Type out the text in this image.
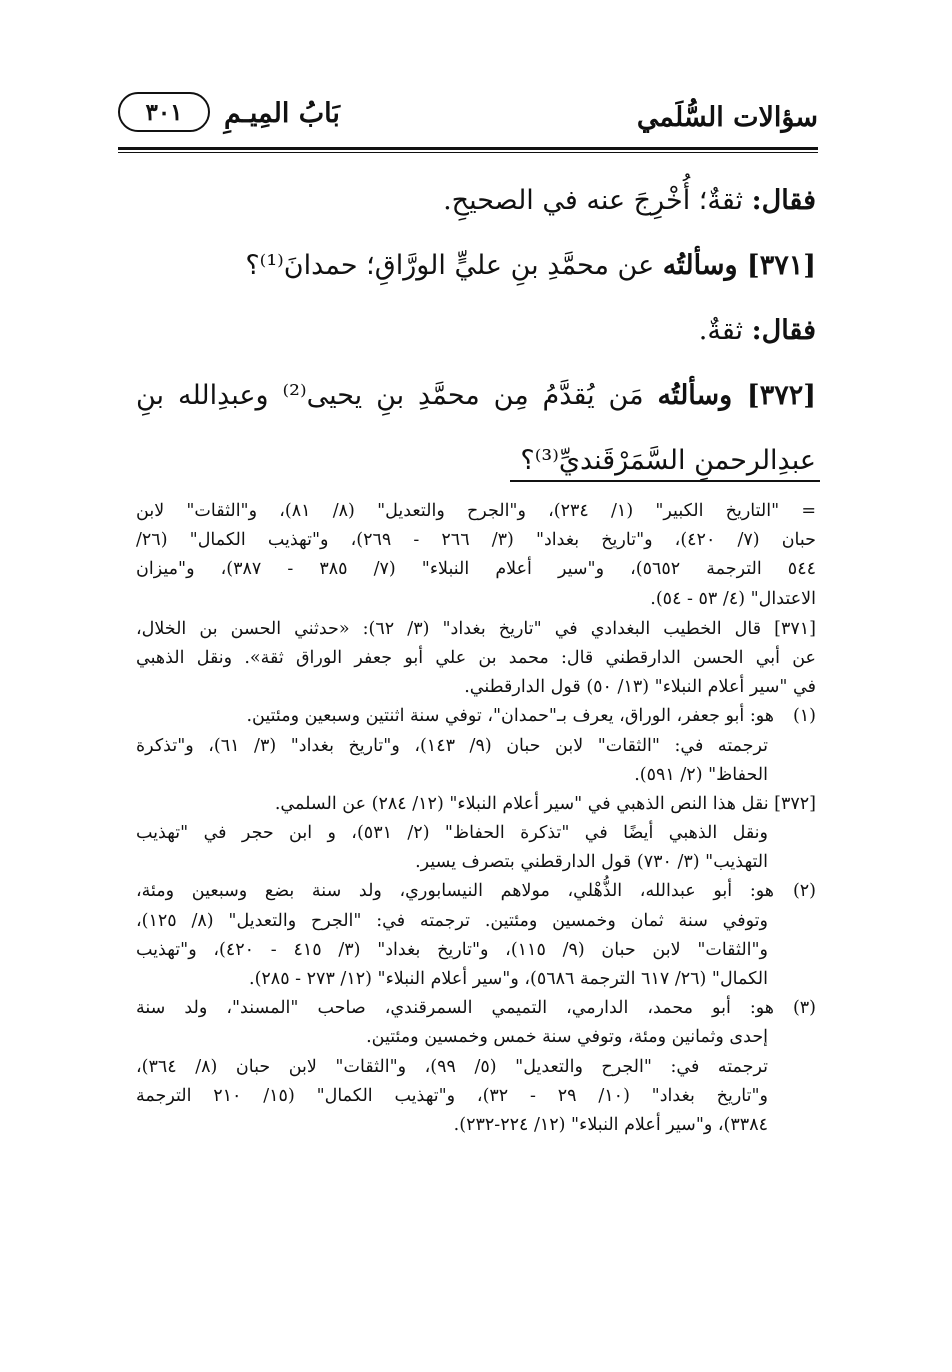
سؤالات السُّلَمي
بَابُ المِيـمِ
٣٠١
فقال: ثقةٌ؛ أُخْرِجَ عنه في الصحيحِ.
[٣٧١] وسألتُه عن محمَّدِ بنِ عليٍّ الورَّاقِ؛ حمدانَ⁽¹⁾؟
فقال: ثقةٌ.
[٣٧٢] وسألتُه مَن يُقدَّمُ مِن محمَّدِ بنِ يحيى⁽²⁾ وعبدِالله بنِ
عبدِالرحمنِ السَّمَرْقَنديِّ⁽³⁾؟
= "التاريخ الكبير" (١/ ٢٣٤)، و"الجرح والتعديل" (٨/ ٨١)، و"الثقات" لابن
حبان (٧/ ٤٢٠)، و"تاريخ بغداد" (٣/ ٢٦٦ - ٢٦٩)، و"تهذيب الكمال" (٢٦/
٥٤٤ الترجمة ٥٦٥٢)، و"سير أعلام النبلاء" (٧/ ٣٨٥ - ٣٨٧)، و"ميزان
الاعتدال" (٤/ ٥٣ - ٥٤).
[٣٧١] قال الخطيب البغدادي في "تاريخ بغداد" (٣/ ٦٢): «حدثني الحسن بن الخلال،
عن أبي الحسن الدارقطني قال: محمد بن علي أبو جعفر الوراق ثقة». ونقل الذهبي
في "سير أعلام النبلاء" (١٣/ ٥٠) قول الدارقطني.
(١)هو: أبو جعفر، الوراق، يعرف بـ"حمدان"، توفي سنة اثنتين وسبعين ومئتين.
ترجمته في: "الثقات" لابن حبان (٩/ ١٤٣)، و"تاريخ بغداد" (٣/ ٦١)، و"تذكرة
الحفاظ" (٢/ ٥٩١).
[٣٧٢] نقل هذا النص الذهبي في "سير أعلام النبلاء" (١٢/ ٢٨٤) عن السلمي.
ونقل الذهبي أيضًا في "تذكرة الحفاظ" (٢/ ٥٣١)، و ابن حجر في "تهذيب
التهذيب" (٣/ ٧٣٠) قول الدارقطني بتصرف يسير.
(٢)هو: أبو عبدالله، الذُّهْلي، مولاهم النيسابوري، ولد سنة بضع وسبعين ومئة،
وتوفي سنة ثمان وخمسين ومئتين. ترجمته في: "الجرح والتعديل" (٨/ ١٢٥)،
و"الثقات" لابن حبان (٩/ ١١٥)، و"تاريخ بغداد" (٣/ ٤١٥ - ٤٢٠)، و"تهذيب
الكمال" (٢٦/ ٦١٧ الترجمة ٥٦٨٦)، و"سير أعلام النبلاء" (١٢/ ٢٧٣ - ٢٨٥).
(٣)هو: أبو محمد، الدارمي، التميمي السمرقندي، صاحب "المسند"، ولد سنة
إحدى وثمانين ومئة، وتوفي سنة خمس وخمسين ومئتين.
ترجمته في: "الجرح والتعديل" (٥/ ٩٩)، و"الثقات" لابن حبان (٨/ ٣٦٤)،
و"تاريخ بغداد" (١٠/ ٢٩ - ٣٢)، و"تهذيب الكمال" (١٥/ ٢١٠ الترجمة
٣٣٨٤)، و"سير أعلام النبلاء" (١٢/ ٢٢٤-٢٣٢).
